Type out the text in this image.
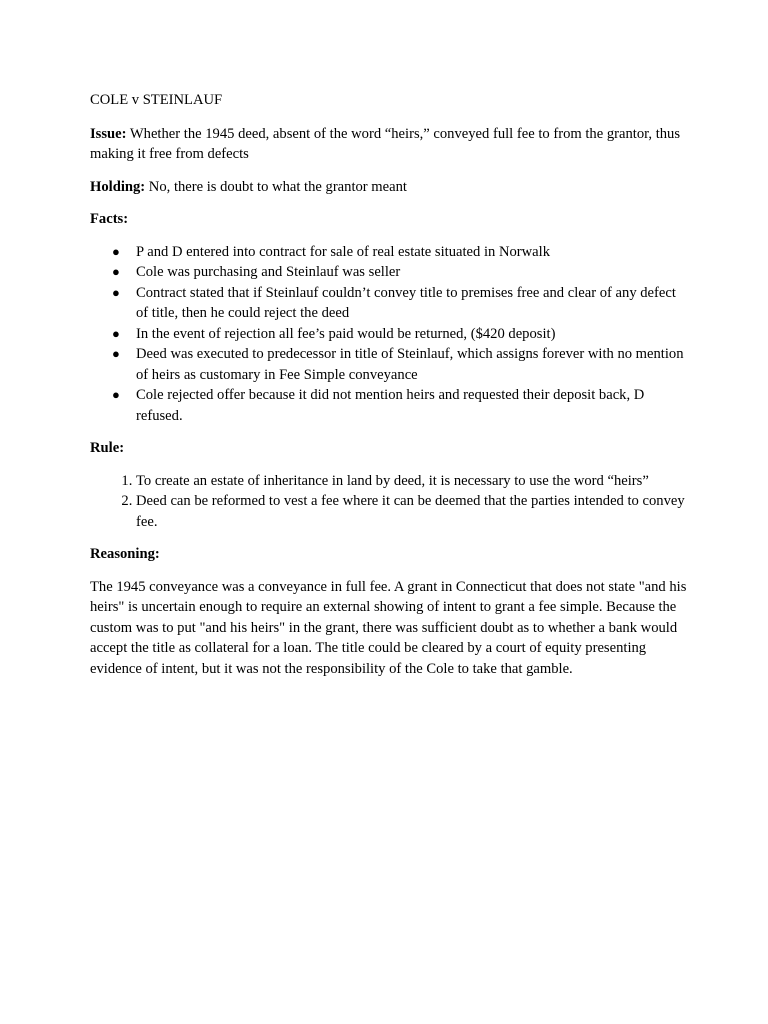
COLE v STEINLAUF

Issue: Whether the 1945 deed, absent of the word “heirs,” conveyed full fee to from the grantor, thus making it free from defects

Holding: No, there is doubt to what the grantor meant

Facts:

● P and D entered into contract for sale of real estate situated in Norwalk
● Cole was purchasing and Steinlauf was seller
● Contract stated that if Steinlauf couldn’t convey title to premises free and clear of any defect of title, then he could reject the deed
● In the event of rejection all fee’s paid would be returned, ($420 deposit)
● Deed was executed to predecessor in title of Steinlauf, which assigns forever with no mention of heirs as customary in Fee Simple conveyance
● Cole rejected offer because it did not mention heirs and requested their deposit back, D refused.

Rule:

1. To create an estate of inheritance in land by deed, it is necessary to use the word “heirs”
2. Deed can be reformed to vest a fee where it can be deemed that the parties intended to convey fee.

Reasoning:

The 1945 conveyance was a conveyance in full fee. A grant in Connecticut that does not state "and his heirs" is uncertain enough to require an external showing of intent to grant a fee simple. Because the custom was to put "and his heirs" in the grant, there was sufficient doubt as to whether a bank would accept the title as collateral for a loan. The title could be cleared by a court of equity presenting evidence of intent, but it was not the responsibility of the Cole to take that gamble.
